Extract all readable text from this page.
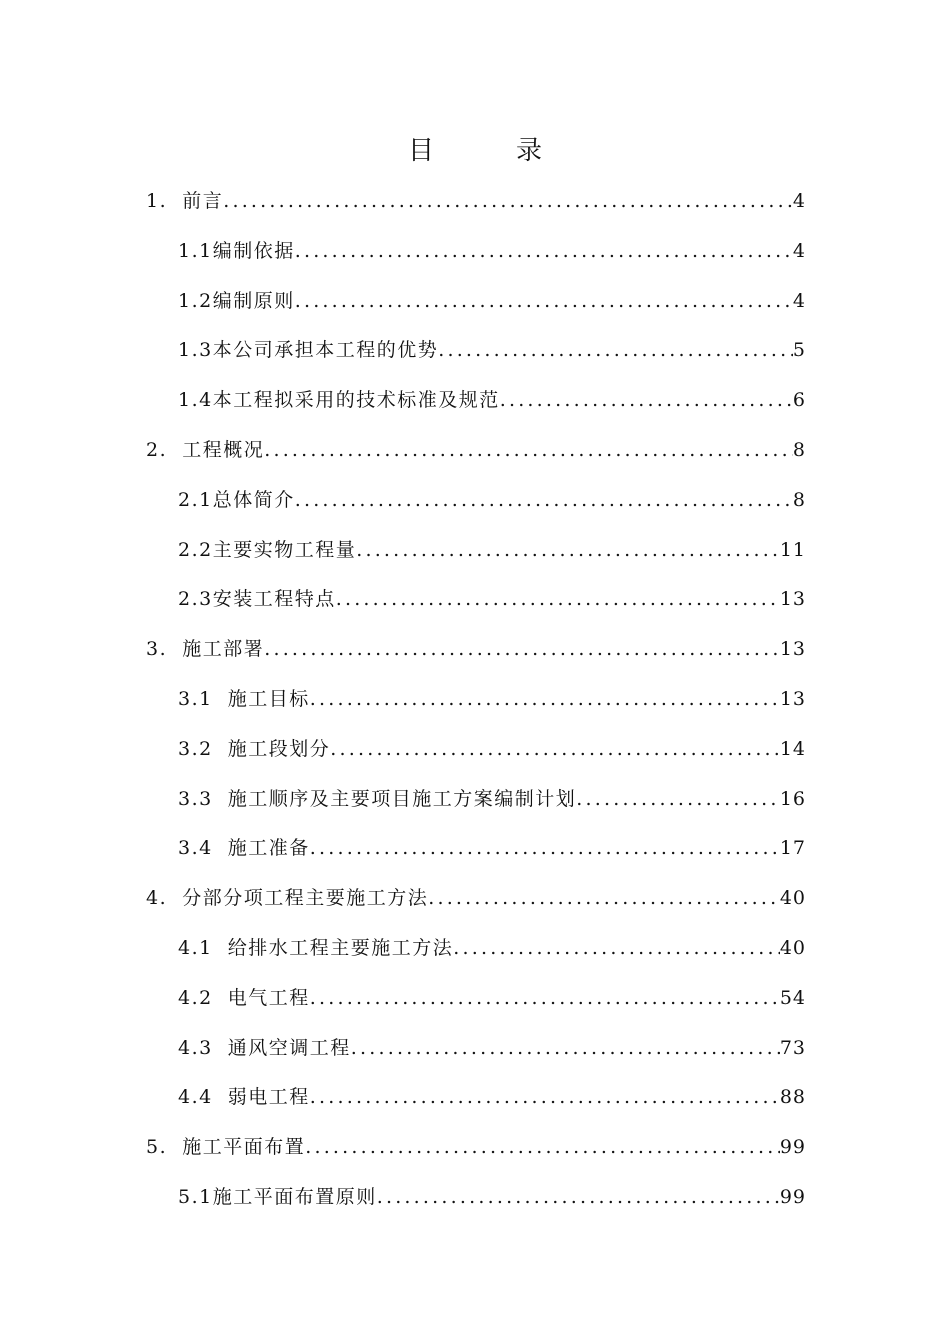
目录
1.  前言 .....	4
1.1编制依据 .....	4
1.2编制原则 .....	4
1.3本公司承担本工程的优势 .....	5
1.4本工程拟采用的技术标准及规范 .....	6
2.  工程概况 .....	8
2.1总体简介 .....	8
2.2主要实物工程量 .....	11
2.3安装工程特点 .....	13
3.  施工部署 .....	13
3.1  施工目标 .....	13
3.2  施工段划分 .....	14
3.3  施工顺序及主要项目施工方案编制计划 .....	16
3.4  施工准备 .....	17
4.  分部分项工程主要施工方法 .....	40
4.1  给排水工程主要施工方法 .....	40
4.2  电气工程 .....	54
4.3  通风空调工程 .....	73
4.4  弱电工程 .....	88
5.  施工平面布置 .....	99
5.1施工平面布置原则 .....	99
